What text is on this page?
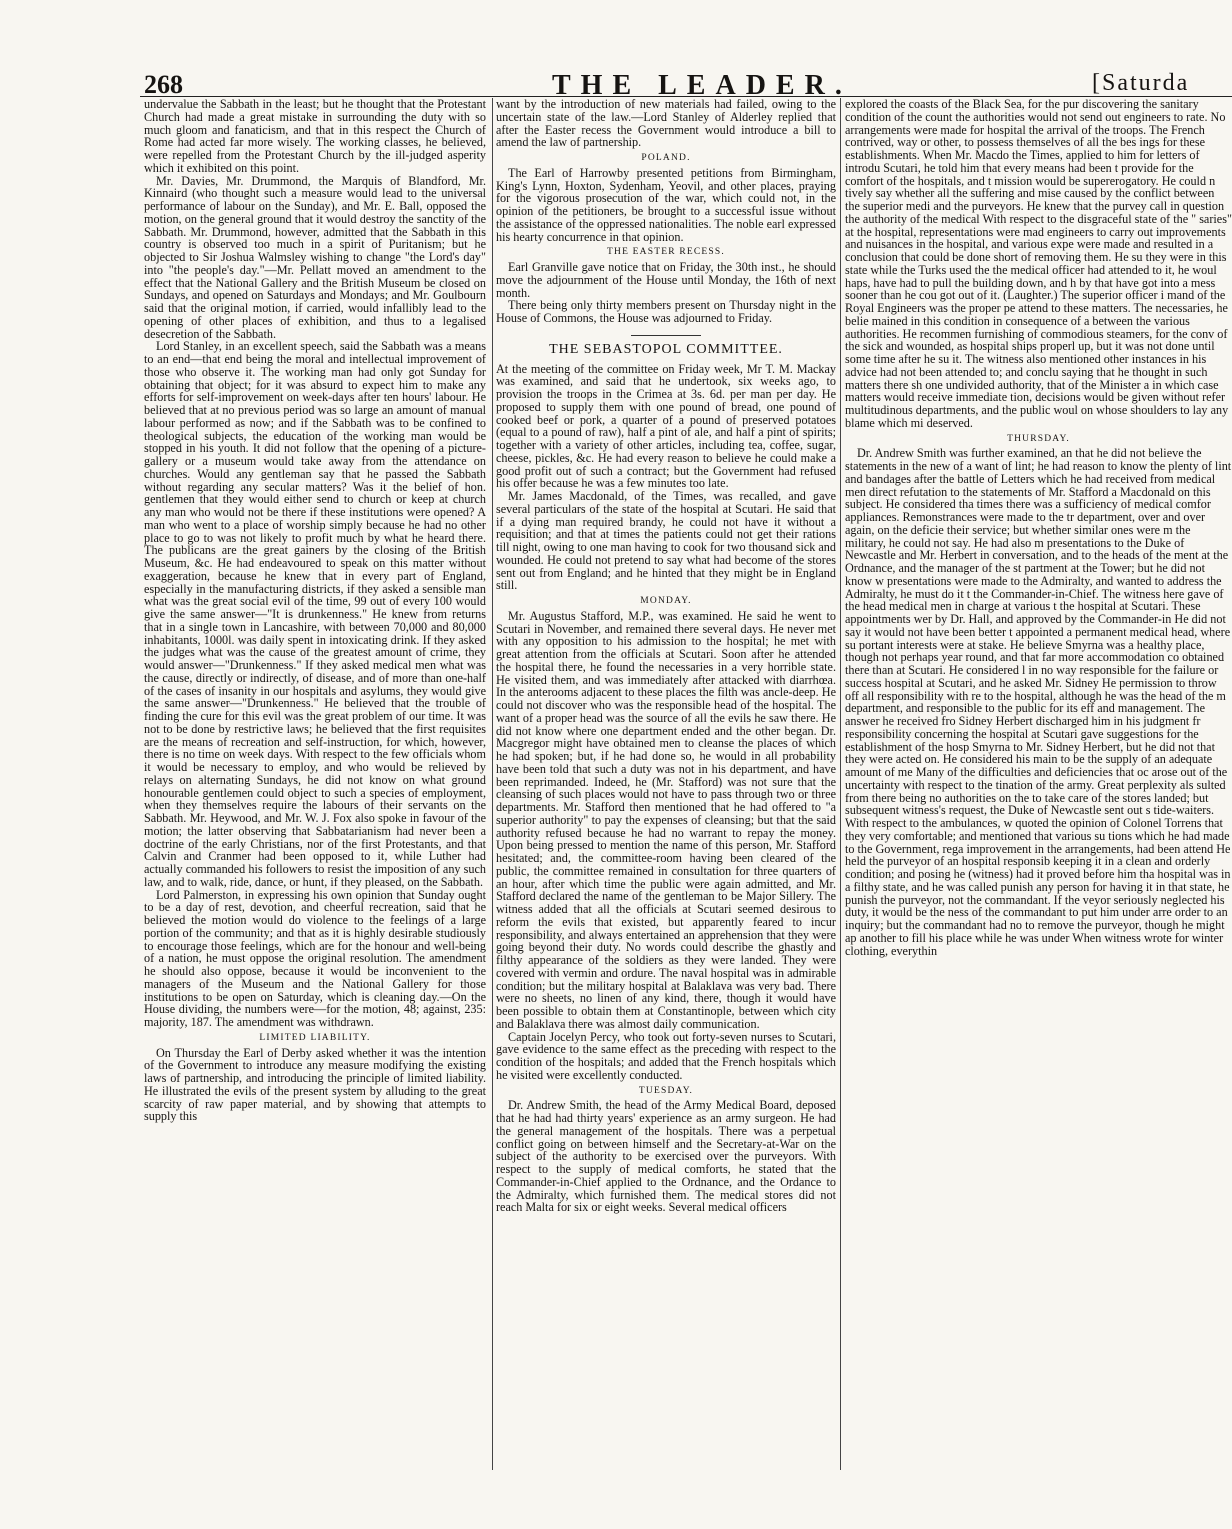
268	THE LEADER.	[Saturda

undervalue the Sabbath in the least; but he thought that the Protestant Church had made a great mistake in surrounding the duty with so much gloom and fanaticism, and that in this respect the Church of Rome had acted far more wisely. The working classes, he believed, were repelled from the Protestant Church by the ill-judged asperity which it exhibited on this point.

Mr. Davies, Mr. Drummond, the Marquis of Blandford, Mr. Kinnaird (who thought such a measure would lead to the universal performance of labour on the Sunday), and Mr. E. Ball, opposed the motion, on the general ground that it would destroy the sanctity of the Sabbath. Mr. Drummond, however, admitted that the Sabbath in this country is observed too much in a spirit of Puritanism; but he objected to Sir Joshua Walmsley wishing to change "the Lord's day" into "the people's day."—Mr. Pellatt moved an amendment to the effect that the National Gallery and the British Museum be closed on Sundays, and opened on Saturdays and Mondays; and Mr. Goulbourn said that the original motion, if carried, would infallibly lead to the opening of other places of exhibition, and thus to a legalised desecretion of the Sabbath.

Lord Stanley, in an excellent speech, said the Sabbath was a means to an end—that end being the moral and intellectual improvement of those who observe it. The working man had only got Sunday for obtaining that object; for it was absurd to expect him to make any efforts for self-improvement on week-days after ten hours' labour. He believed that at no previous period was so large an amount of manual labour performed as now; and if the Sabbath was to be confined to theological subjects, the education of the working man would be stopped in his youth. It did not follow that the opening of a picture-gallery or a museum would take away from the attendance on churches. Would any gentleman say that he passed the Sabbath without regarding any secular matters? Was it the belief of hon. gentlemen that they would either send to church or keep at church any man who would not be there if these institutions were opened? A man who went to a place of worship simply because he had no other place to go to was not likely to profit much by what he heard there. The publicans are the great gainers by the closing of the British Museum, &c. He had endeavoured to speak on this matter without exaggeration, because he knew that in every part of England, especially in the manufacturing districts, if they asked a sensible man what was the great social evil of the time, 99 out of every 100 would give the same answer—"It is drunkenness." He knew from returns that in a single town in Lancashire, with between 70,000 and 80,000 inhabitants, 1000l. was daily spent in intoxicating drink. If they asked the judges what was the cause of the greatest amount of crime, they would answer—"Drunkenness." If they asked medical men what was the cause, directly or indirectly, of disease, and of more than one-half of the cases of insanity in our hospitals and asylums, they would give the same answer—"Drunkenness." He believed that the trouble of finding the cure for this evil was the great problem of our time. It was not to be done by restrictive laws; he believed that the first requisites are the means of recreation and self-instruction, for which, however, there is no time on week days. With respect to the few officials whom it would be necessary to employ, and who would be relieved by relays on alternating Sundays, he did not know on what ground honourable gentlemen could object to such a species of employment, when they themselves require the labours of their servants on the Sabbath. Mr. Heywood, and Mr. W. J. Fox also spoke in favour of the motion; the latter observing that Sabbatarianism had never been a doctrine of the early Christians, nor of the first Protestants, and that Calvin and Cranmer had been opposed to it, while Luther had actually commanded his followers to resist the imposition of any such law, and to walk, ride, dance, or hunt, if they pleased, on the Sabbath.

Lord Palmerston, in expressing his own opinion that Sunday ought to be a day of rest, devotion, and cheerful recreation, said that he believed the motion would do violence to the feelings of a large portion of the community; and that as it is highly desirable studiously to encourage those feelings, which are for the honour and well-being of a nation, he must oppose the original resolution. The amendment he should also oppose, because it would be inconvenient to the managers of the Museum and the National Gallery for those institutions to be open on Saturday, which is cleaning day.—On the House dividing, the numbers were—for the motion, 48; against, 235: majority, 187. The amendment was withdrawn.

LIMITED LIABILITY.

On Thursday the Earl of Derby asked whether it was the intention of the Government to introduce any measure modifying the existing laws of partnership, and introducing the principle of limited liability. He illustrated the evils of the present system by alluding to the great scarcity of raw paper material, and by showing that attempts to supply this

want by the introduction of new materials had failed, owing to the uncertain state of the law.—Lord Stanley of Alderley replied that after the Easter recess the Government would introduce a bill to amend the law of partnership.

POLAND.

The Earl of Harrowby presented petitions from Birmingham, King's Lynn, Hoxton, Sydenham, Yeovil, and other places, praying for the vigorous prosecution of the war, which could not, in the opinion of the petitioners, be brought to a successful issue without the assistance of the oppressed nationalities. The noble earl expressed his hearty concurrence in that opinion.

THE EASTER RECESS.

Earl Granville gave notice that on Friday, the 30th inst., he should move the adjournment of the House until Monday, the 16th of next month.

There being only thirty members present on Thursday night in the House of Commons, the House was adjourned to Friday.

THE SEBASTOPOL COMMITTEE.

At the meeting of the committee on Friday week, Mr T. M. Mackay was examined, and said that he undertook, six weeks ago, to provision the troops in the Crimea at 3s. 6d. per man per day. He proposed to supply them with one pound of bread, one pound of cooked beef or pork, a quarter of a pound of preserved potatoes (equal to a pound of raw), half a pint of ale, and half a pint of spirits; together with a variety of other articles, including tea, coffee, sugar, cheese, pickles, &c. He had every reason to believe he could make a good profit out of such a contract; but the Government had refused his offer because he was a few minutes too late.

Mr. James Macdonald, of the Times, was recalled, and gave several particulars of the state of the hospital at Scutari. He said that if a dying man required brandy, he could not have it without a requisition; and that at times the patients could not get their rations till night, owing to one man having to cook for two thousand sick and wounded. He could not pretend to say what had become of the stores sent out from England; and he hinted that they might be in England still.

MONDAY.

Mr. Augustus Stafford, M.P., was examined. He said he went to Scutari in November, and remained there several days. He never met with any opposition to his admission to the hospital; he met with great attention from the officials at Scutari. Soon after he attended the hospital there, he found the necessaries in a very horrible state. He visited them, and was immediately after attacked with diarrhœa. In the anterooms adjacent to these places the filth was ancle-deep. He could not discover who was the responsible head of the hospital. The want of a proper head was the source of all the evils he saw there. He did not know where one department ended and the other began. Dr. Macgregor might have obtained men to cleanse the places of which he had spoken; but, if he had done so, he would in all probability have been told that such a duty was not in his department, and have been reprimanded. Indeed, he (Mr. Stafford) was not sure that the cleansing of such places would not have to pass through two or three departments. Mr. Stafford then mentioned that he had offered to "a superior authority" to pay the expenses of cleansing; but that the said authority refused because he had no warrant to repay the money. Upon being pressed to mention the name of this person, Mr. Stafford hesitated; and, the committee-room having been cleared of the public, the committee remained in consultation for three quarters of an hour, after which time the public were again admitted, and Mr. Stafford declared the name of the gentleman to be Major Sillery. The witness added that all the officials at Scutari seemed desirous to reform the evils that existed, but apparently feared to incur responsibility, and always entertained an apprehension that they were going beyond their duty. No words could describe the ghastly and filthy appearance of the soldiers as they were landed. They were covered with vermin and ordure. The naval hospital was in admirable condition; but the military hospital at Balaklava was very bad. There were no sheets, no linen of any kind, there, though it would have been possible to obtain them at Constantinople, between which city and Balaklava there was almost daily communication.

Captain Jocelyn Percy, who took out forty-seven nurses to Scutari, gave evidence to the same effect as the preceding with respect to the condition of the hospitals; and added that the French hospitals which he visited were excellently conducted.

TUESDAY.

Dr. Andrew Smith, the head of the Army Medical Board, deposed that he had had thirty years' experience as an army surgeon. He had the general management of the hospitals. There was a perpetual conflict going on between himself and the Secretary-at-War on the subject of the authority to be exercised over the purveyors. With respect to the supply of medical comforts, he stated that the Commander-in-Chief applied to the Ordnance, and the Ordance to the Admiralty, which furnished them. The medical stores did not reach Malta for six or eight weeks. Several medical officers

explored the coasts of the Black Sea, for the pur discovering the sanitary condition of the count the authorities would not send out engineers to rate. No arrangements were made for hospital the arrival of the troops. The French contrived, way or other, to possess themselves of all the bes ings for these establishments. When Mr. Macdo the Times, applied to him for letters of introdu Scutari, he told him that every means had been t provide for the comfort of the hospitals, and t mission would be supererogatory. He could n tively say whether all the suffering and mise caused by the conflict between the superior medi and the purveyors. He knew that the purvey call in question the authority of the medical With respect to the disgraceful state of the " saries" at the hospital, representations were mad engineers to carry out improvements and nuisances in the hospital, and various expe were made and resulted in a conclusion that could be done short of removing them. He su they were in this state while the Turks used the the medical officer had attended to it, he woul haps, have had to pull the building down, and h by that have got into a mess sooner than he cou got out of it. (Laughter.) The superior officer i mand of the Royal Engineers was the proper pe attend to these matters. The necessaries, he belie mained in this condition in consequence of a between the various authorities. He recommen furnishing of commodious steamers, for the conv of the sick and wounded, as hospital ships properl up, but it was not done until some time after he su it. The witness also mentioned other instances in his advice had not been attended to; and conclu saying that he thought in such matters there sh one undivided authority, that of the Minister a in which case matters would receive immediate tion, decisions would be given without refer multitudinous departments, and the public woul on whose shoulders to lay any blame which mi deserved.

THURSDAY.

Dr. Andrew Smith was further examined, an that he did not believe the statements in the new of a want of lint; he had reason to know the plenty of lint and bandages after the battle of Letters which he had received from medical men direct refutation to the statements of Mr. Stafford a Macdonald on this subject. He considered tha times there was a sufficiency of medical comfor appliances. Remonstrances were made to the tr department, over and over again, on the deficie their service; but whether similar ones were m the military, he could not say. He had also m presentations to the Duke of Newcastle and Mr. Herbert in conversation, and to the heads of the ment at the Ordnance, and the manager of the st partment at the Tower; but he did not know w presentations were made to the Admiralty, and wanted to address the Admiralty, he must do it t the Commander-in-Chief. The witness here gave of the head medical men in charge at various t the hospital at Scutari. These appointments wer by Dr. Hall, and approved by the Commander-in He did not say it would not have been better t appointed a permanent medical head, where su portant interests were at stake. He believe Smyrna was a healthy place, though not perhaps year round, and that far more accommodation co obtained there than at Scutari. He considered l in no way responsible for the failure or success hospital at Scutari, and he asked Mr. Sidney He permission to throw off all responsibility with re to the hospital, although he was the head of the m department, and responsible to the public for its eff and management. The answer he received fro Sidney Herbert discharged him in his judgment fr responsibility concerning the hospital at Scutari gave suggestions for the establishment of the hosp Smyrna to Mr. Sidney Herbert, but he did not that they were acted on. He considered his main to be the supply of an adequate amount of me Many of the difficulties and deficiencies that oc arose out of the uncertainty with respect to the tination of the army. Great perplexity als sulted from there being no authorities on the to take care of the stores landed; but subsequent witness's request, the Duke of Newcastle sent out s tide-waiters. With respect to the ambulances, w quoted the opinion of Colonel Torrens that they very comfortable; and mentioned that various su tions which he had made to the Government, rega improvement in the arrangements, had been attend He held the purveyor of an hospital responsib keeping it in a clean and orderly condition; and posing he (witness) had it proved before him tha hospital was in a filthy state, and he was called punish any person for having it in that state, he punish the purveyor, not the commandant. If the veyor seriously neglected his duty, it would be the ness of the commandant to put him under arre order to an inquiry; but the commandant had no to remove the purveyor, though he might ap another to fill his place while he was under When witness wrote for winter clothing, everythin
